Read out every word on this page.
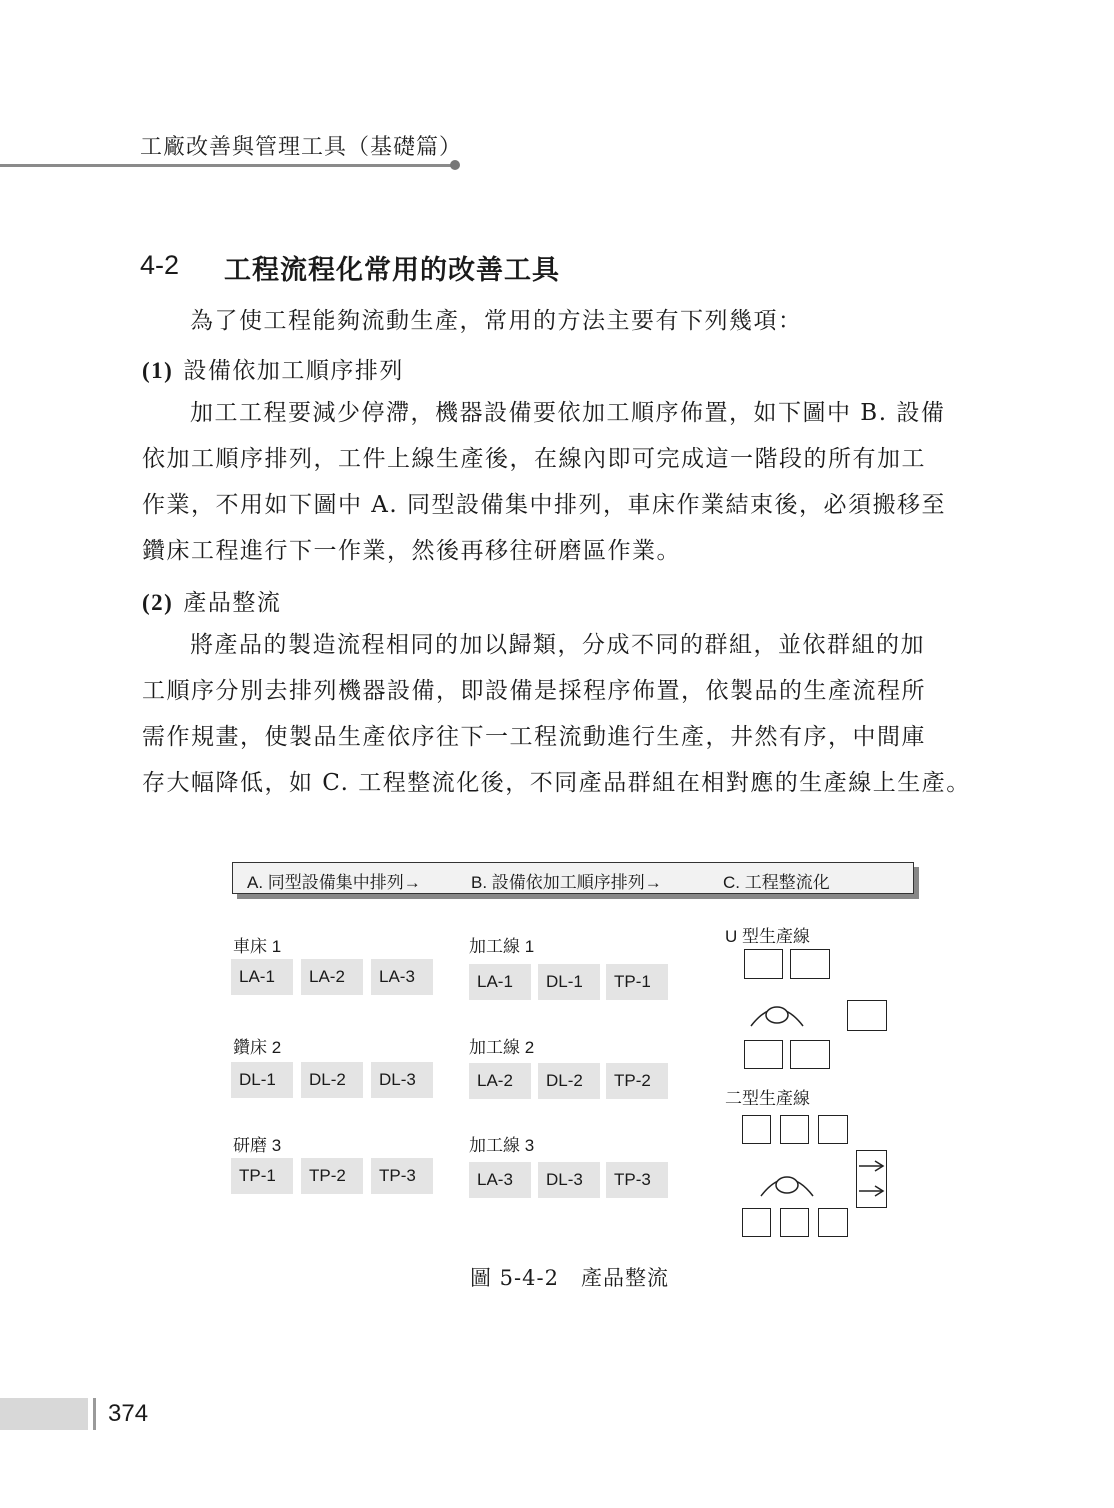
工廠改善與管理工具（基礎篇）
4-2 工程流程化常用的改善工具
為了使工程能夠流動生產，常用的方法主要有下列幾項：
(1) 設備依加工順序排列
加工工程要減少停滯，機器設備要依加工順序佈置，如下圖中 B. 設備
依加工順序排列，工件上線生產後，在線內即可完成這一階段的所有加工
作業，不用如下圖中 A. 同型設備集中排列，車床作業結束後，必須搬移至
鑽床工程進行下一作業，然後再移往研磨區作業。
(2) 產品整流
將產品的製造流程相同的加以歸類，分成不同的群組，並依群組的加
工順序分別去排列機器設備，即設備是採程序佈置，依製品的生產流程所
需作規畫，使製品生產依序往下一工程流動進行生產，井然有序，中間庫
存大幅降低，如 C. 工程整流化後，不同產品群組在相對應的生產線上生產。
A. 同型設備集中排列→	B. 設備依加工順序排列→	C. 工程整流化
車床 1
LA-1	LA-2	LA-3
鑽床 2
DL-1	DL-2	DL-3
研磨 3
TP-1	TP-2	TP-3
加工線 1
LA-1	DL-1	TP-1
加工線 2
LA-2	DL-2	TP-2
加工線 3
LA-3	DL-3	TP-3
U 型生產線
二型生產線
圖 5-4-2　產品整流
374
